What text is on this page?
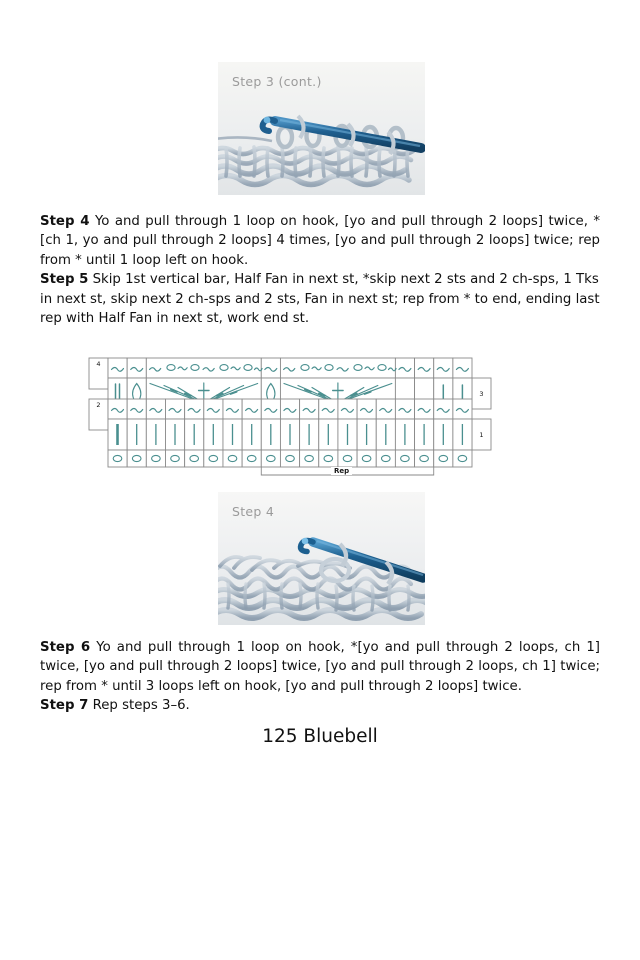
Step 3 (cont.)

Step 4 Yo and pull through 1 loop on hook, [yo and pull through 2 loops] twice, *[ch 1, yo and pull through 2 loops] 4 times, [yo and pull through 2 loops] twice; rep from * until 1 loop left on hook.

Step 5 Skip 1st vertical bar, Half Fan in next st, *skip next 2 sts and 2 ch-sps, 1 Tks in next st, skip next 2 ch-sps and 2 sts, Fan in next st; rep from * to end, ending last rep with Half Fan in next st, work end st.

4
2
3
1
Rep
Step 4

Step 6 Yo and pull through 1 loop on hook, *[yo and pull through 2 loops, ch 1] twice, [yo and pull through 2 loops] twice, [yo and pull through 2 loops, ch 1] twice; rep from * until 3 loops left on hook, [yo and pull through 2 loops] twice.

Step 7 Rep steps 3–6.

125 Bluebell
